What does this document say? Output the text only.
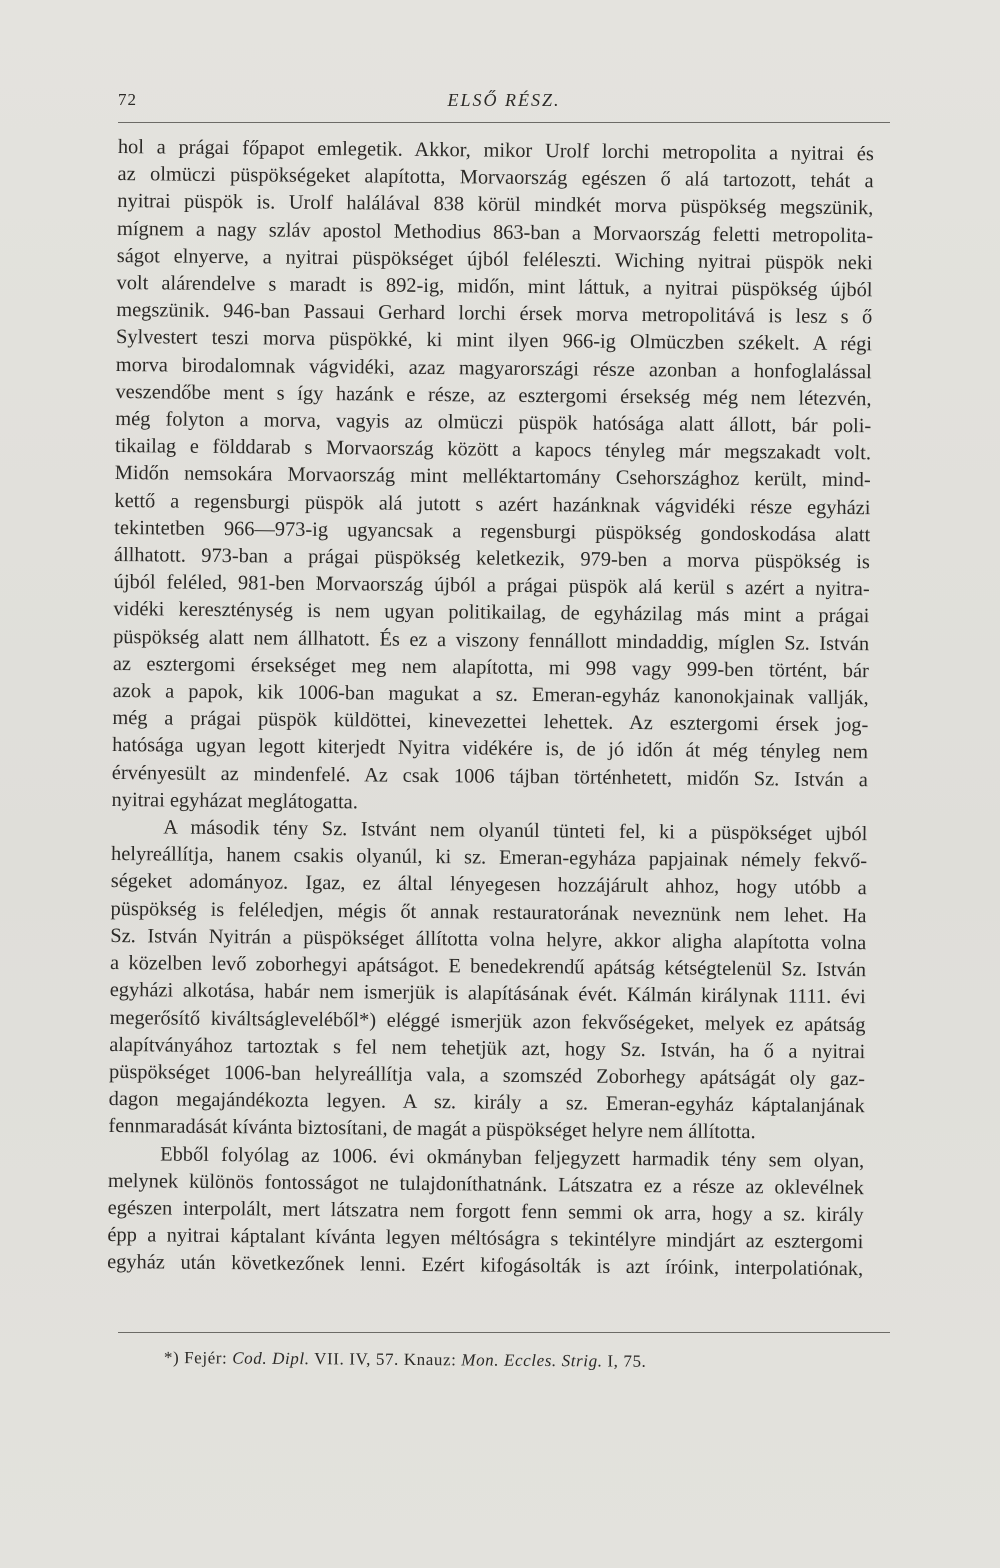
72	ELSŐ RÉSZ.
hol a prágai főpapot emlegetik. Akkor, mikor Urolf lorchi metropolita a nyitrai és
az olmüczi püspökségeket alapította, Morvaország egészen ő alá tartozott, tehát a
nyitrai püspök is. Urolf halálával 838 körül mindkét morva püspökség megszünik,
mígnem a nagy szláv apostol Methodius 863-ban a Morvaország feletti metropolita-
ságot elnyerve, a nyitrai püspökséget újból feléleszti. Wiching nyitrai püspök neki
volt alárendelve s maradt is 892-ig, midőn, mint láttuk, a nyitrai püspökség újból
megszünik. 946-ban Passaui Gerhard lorchi érsek morva metropolitává is lesz s ő
Sylvestert teszi morva püspökké, ki mint ilyen 966-ig Olmüczben székelt. A régi
morva birodalomnak vágvidéki, azaz magyarországi része azonban a honfoglalással
veszendőbe ment s így hazánk e része, az esztergomi érsekség még nem létezvén,
még folyton a morva, vagyis az olmüczi püspök hatósága alatt állott, bár poli-
tikailag e földdarab s Morvaország között a kapocs tényleg már megszakadt volt.
Midőn nemsokára Morvaország mint melléktartomány Csehországhoz került, mind-
kettő a regensburgi püspök alá jutott s azért hazánknak vágvidéki része egyházi
tekintetben 966—973-ig ugyancsak a regensburgi püspökség gondoskodása alatt
állhatott. 973-ban a prágai püspökség keletkezik, 979-ben a morva püspökség is
újból feléled, 981-ben Morvaország újból a prágai püspök alá kerül s azért a nyitra-
vidéki kereszténység is nem ugyan politikailag, de egyházilag más mint a prágai
püspökség alatt nem állhatott. És ez a viszony fennállott mindaddig, míglen Sz. István
az esztergomi érsekséget meg nem alapította, mi 998 vagy 999-ben történt, bár
azok a papok, kik 1006-ban magukat a sz. Emeran-egyház kanonokjainak vallják,
még a prágai püspök küldöttei, kinevezettei lehettek. Az esztergomi érsek jog-
hatósága ugyan legott kiterjedt Nyitra vidékére is, de jó időn át még tényleg nem
érvényesült az mindenfelé. Az csak 1006 tájban történhetett, midőn Sz. István a
nyitrai egyházat meglátogatta.
A második tény Sz. Istvánt nem olyanúl tünteti fel, ki a püspökséget ujból
helyreállítja, hanem csakis olyanúl, ki sz. Emeran-egyháza papjainak némely fekvő-
ségeket adományoz. Igaz, ez által lényegesen hozzájárult ahhoz, hogy utóbb a
püspökség is feléledjen, mégis őt annak restauratorának neveznünk nem lehet. Ha
Sz. István Nyitrán a püspökséget állította volna helyre, akkor aligha alapította volna
a közelben levő zoborhegyi apátságot. E benedekrendű apátság kétségtelenül Sz. István
egyházi alkotása, habár nem ismerjük is alapításának évét. Kálmán királynak 1111. évi
megerősítő kiváltságleveléből*) eléggé ismerjük azon fekvőségeket, melyek ez apátság
alapítványához tartoztak s fel nem tehetjük azt, hogy Sz. István, ha ő a nyitrai
püspökséget 1006-ban helyreállítja vala, a szomszéd Zoborhegy apátságát oly gaz-
dagon megajándékozta legyen. A sz. király a sz. Emeran-egyház káptalanjának
fennmaradását kívánta biztosítani, de magát a püspökséget helyre nem állította.
Ebből folyólag az 1006. évi okmányban feljegyzett harmadik tény sem olyan,
melynek különös fontosságot ne tulajdoníthatnánk. Látszatra ez a része az oklevélnek
egészen interpolált, mert látszatra nem forgott fenn semmi ok arra, hogy a sz. király
épp a nyitrai káptalant kívánta legyen méltóságra s tekintélyre mindjárt az esztergomi
egyház után következőnek lenni. Ezért kifogásolták is azt íróink, interpolatiónak,
*) Fejér: Cod. Dipl. VII. IV, 57. Knauz: Mon. Eccles. Strig. I, 75.
